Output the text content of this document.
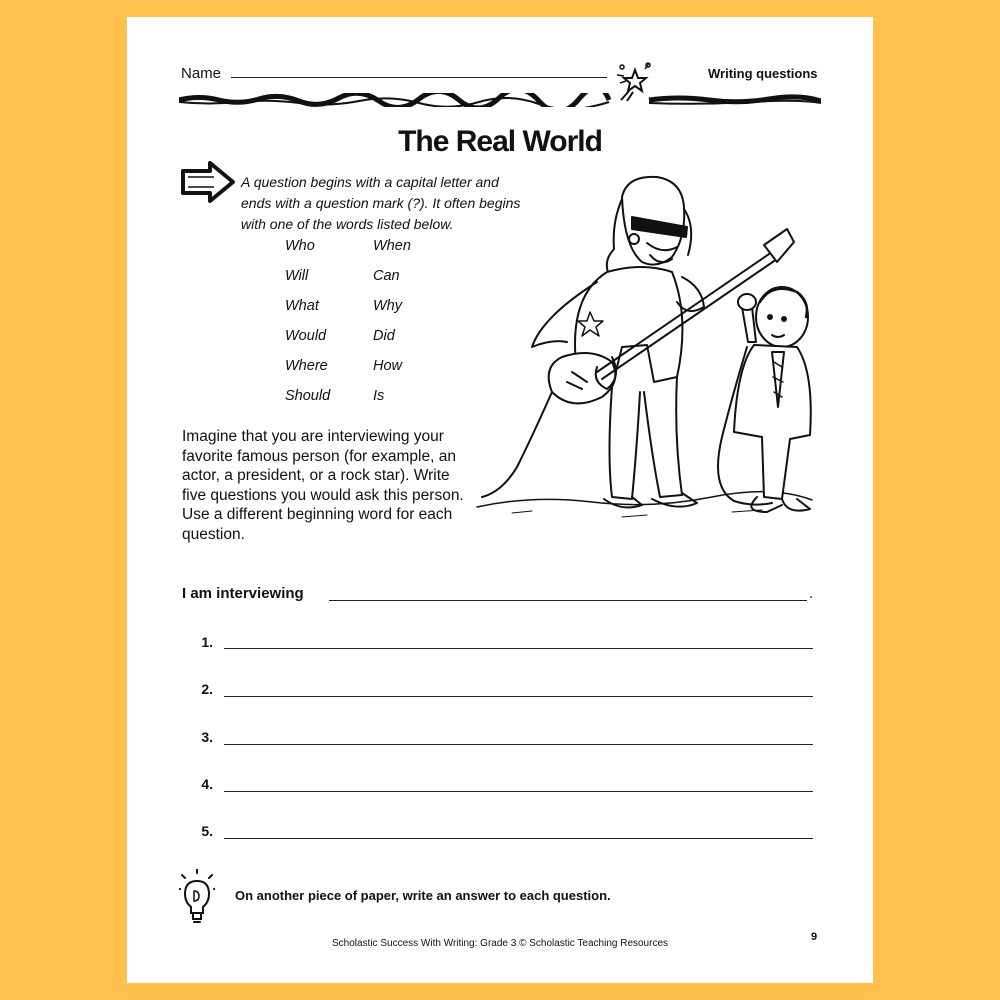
Name	Writing questions
The Real World
A question begins with a capital letter and ends with a question mark (?). It often begins with one of the words listed below.
Who	When
Will	Can
What	Why
Would	Did
Where	How
Should	Is
Imagine that you are interviewing your favorite famous person (for example, an actor, a president, or a rock star). Write five questions you would ask this person. Use a different beginning word for each question.
I am interviewing	.
1.
2.
3.
4.
5.
On another piece of paper, write an answer to each question.
Scholastic Success With Writing: Grade 3 © Scholastic Teaching Resources
9
